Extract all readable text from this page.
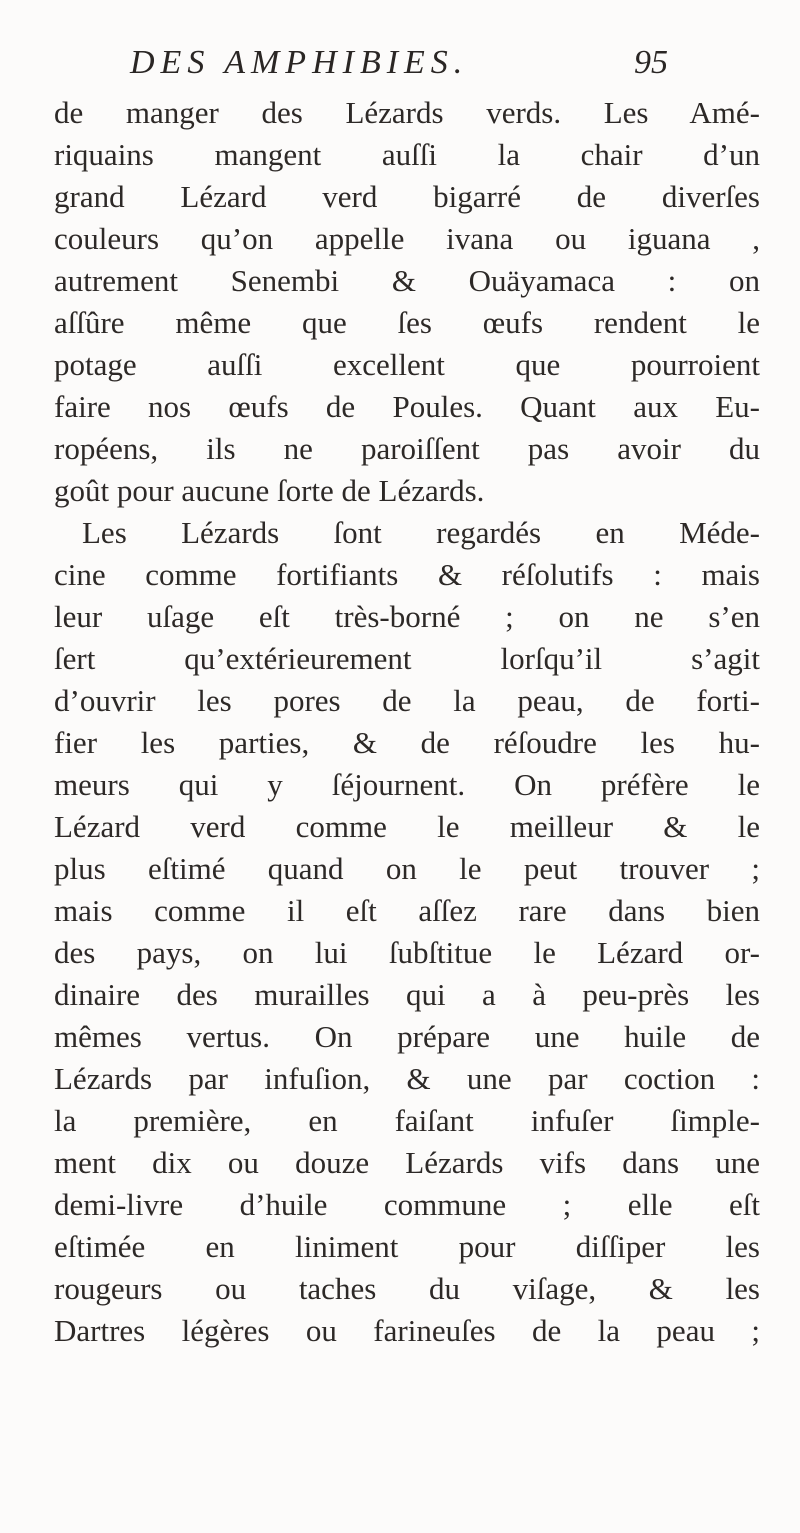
DES AMPHIBIES.	95
de manger des Lézards verds. Les Amé-
riquains mangent auſſi la chair d’un
grand Lézard verd bigarré de diverſes
couleurs qu’on appelle ivana ou iguana ,
autrement Senembi & Ouäyamaca : on
aſſûre même que ſes œufs rendent le
potage auſſi excellent que pourroient
faire nos œufs de Poules. Quant aux Eu-
ropéens, ils ne paroiſſent pas avoir du
goût pour aucune ſorte de Lézards.
Les Lézards ſont regardés en Méde-
cine comme fortifiants & réſolutifs : mais
leur uſage eſt très-borné ; on ne s’en
ſert qu’extérieurement lorſqu’il s’agit
d’ouvrir les pores de la peau, de forti-
fier les parties, & de réſoudre les hu-
meurs qui y ſéjournent. On préfère le
Lézard verd comme le meilleur & le
plus eſtimé quand on le peut trouver ;
mais comme il eſt aſſez rare dans bien
des pays, on lui ſubſtitue le Lézard or-
dinaire des murailles qui a à peu-près les
mêmes vertus. On prépare une huile de
Lézards par infuſion, & une par coction :
la première, en faiſant infuſer ſimple-
ment dix ou douze Lézards vifs dans une
demi-livre d’huile commune ; elle eſt
eſtimée en liniment pour diſſiper les
rougeurs ou taches du viſage, & les
Dartres légères ou farineuſes de la peau ;
